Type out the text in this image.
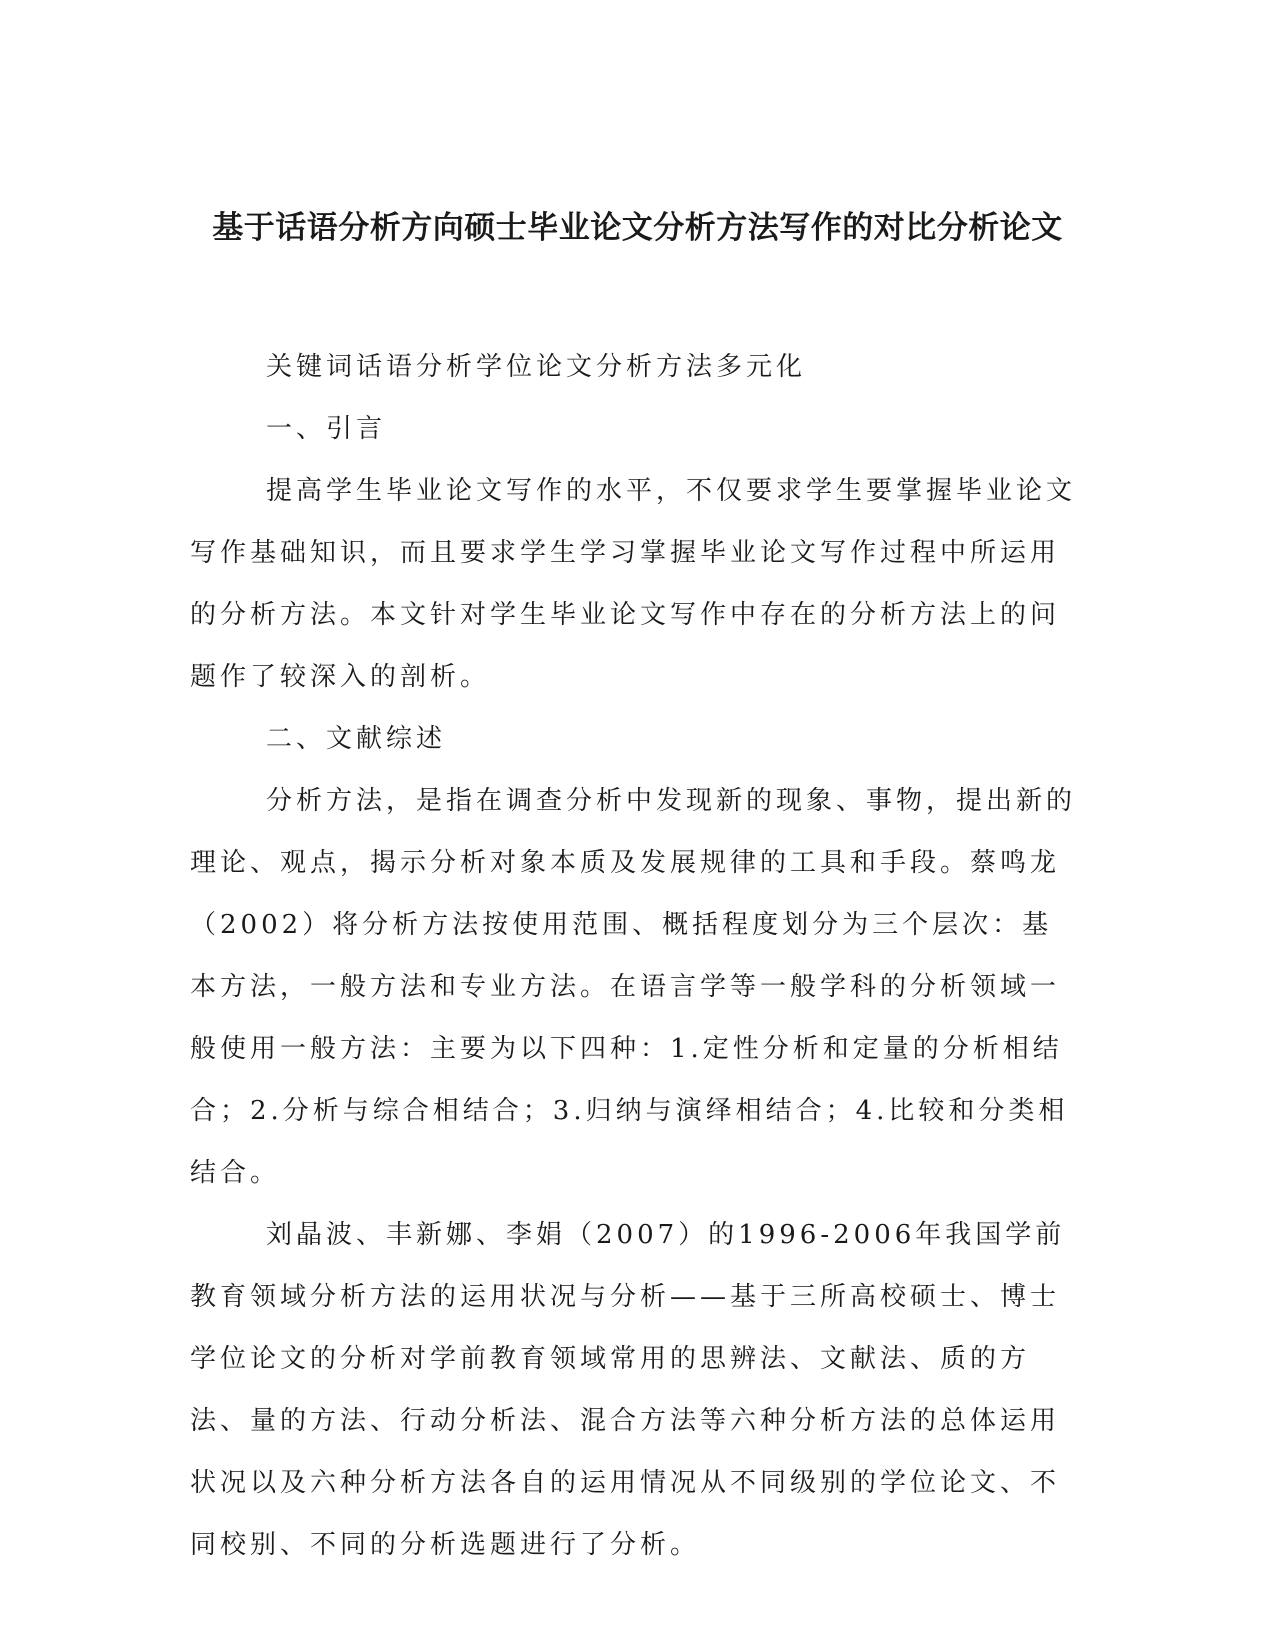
基于话语分析方向硕士毕业论文分析方法写作的对比分析论文

关键词话语分析学位论文分析方法多元化

一、引言

提高学生毕业论文写作的水平，不仅要求学生要掌握毕业论文写作基础知识，而且要求学生学习掌握毕业论文写作过程中所运用的分析方法。本文针对学生毕业论文写作中存在的分析方法上的问题作了较深入的剖析。

二、文献综述

分析方法，是指在调查分析中发现新的现象、事物，提出新的理论、观点，揭示分析对象本质及发展规律的工具和手段。蔡鸣龙（2002）将分析方法按使用范围、概括程度划分为三个层次：基本方法，一般方法和专业方法。在语言学等一般学科的分析领域一般使用一般方法：主要为以下四种：1.定性分析和定量的分析相结合；2.分析与综合相结合；3.归纳与演绎相结合；4.比较和分类相结合。

刘晶波、丰新娜、李娟（2007）的1996-2006年我国学前教育领域分析方法的运用状况与分析——基于三所高校硕士、博士学位论文的分析对学前教育领域常用的思辨法、文献法、质的方法、量的方法、行动分析法、混合方法等六种分析方法的总体运用状况以及六种分析方法各自的运用情况从不同级别的学位论文、不同校别、不同的分析选题进行了分析。
